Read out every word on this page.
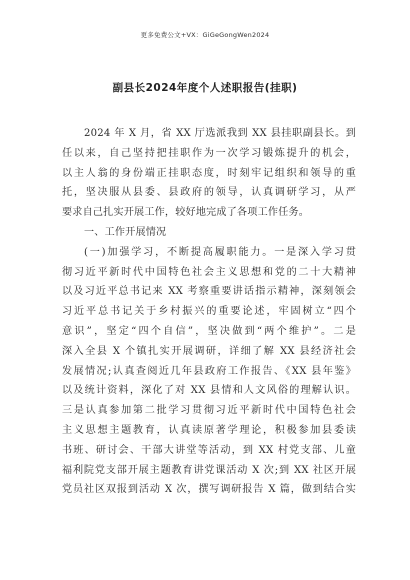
更多免费公文+VX：GiGeGongWen2024
副县长2024年度个人述职报告(挂职)
2024 年 X 月，省 XX 厅选派我到 XX 县挂职副县长。到
任以来，自己坚持把挂职作为一次学习锻炼提升的机会，
以主人翁的身份端正挂职态度，时刻牢记组织和领导的重
托，坚决服从县委、县政府的领导，认真调研学习，从严
要求自己扎实开展工作，较好地完成了各项工作任务。
一、工作开展情况
(一)加强学习，不断提高履职能力。一是深入学习贯
彻习近平新时代中国特色社会主义思想和党的二十大精神
以及习近平总书记来 XX 考察重要讲话指示精神，深刻领会
习近平总书记关于乡村振兴的重要论述，牢固树立“四个
意识”，坚定“四个自信”，坚决做到“两个维护”。二是
深入全县 X 个镇扎实开展调研，详细了解 XX 县经济社会
发展情况;认真查阅近几年县政府工作报告、《XX 县年鉴》
以及统计资料，深化了对 XX 县情和人文风俗的理解认识。
三是认真参加第二批学习贯彻习近平新时代中国特色社会
主义思想主题教育，认真读原著学理论，积极参加县委读
书班、研讨会、干部大讲堂等活动，到 XX 村党支部、儿童
福利院党支部开展主题教育讲党课活动 X 次;到 XX 社区开展
党员社区双报到活动 X 次，撰写调研报告 X 篇，做到结合实
